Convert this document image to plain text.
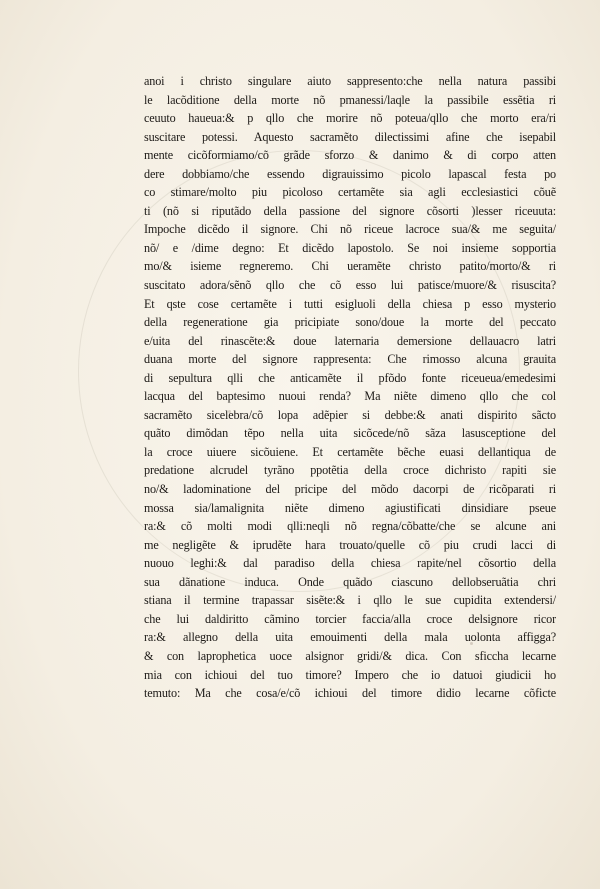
anoi i christo singulare aiuto sappresento:che nella natura passibi
le lacõditione della morte nõ pmanessi/laqle la passibile essẽtia ri
ceuuto haueua:& p qllo che morire nõ poteua/qllo che morto era/ri
suscitare potessi. Aquesto sacramẽto dilectissimi afine che isepabil
mente cicõformiamo/cõ grãde sforzo & danimo & di corpo atten
dere dobbiamo/che essendo digrauissimo picolo lapascal festa po
co stimare/molto piu picoloso certamẽte sia agli ecclesiastici cõuẽ
ti (nõ si riputãdo della passione del signore cõsorti )lesser riceuuta:
Impoche dicẽdo il signore. Chi nõ riceue lacroce sua/& me seguita/
nõ/ e /dime degno: Et dicẽdo lapostolo. Se noi insieme sopportia
mo/& isieme regneremo. Chi ueramẽte christo patito/morto/& ri
suscitato adora/sẽnõ qllo che cõ esso lui patisce/muore/& risuscita?
Et qste cose certamẽte i tutti esigluoli della chiesa p esso mysterio
della regeneratione gia pricipiate sono/doue la morte del peccato
e/uita del rinascẽte:& doue laternaria demersione dellauacro latri
duana morte del signore rappresenta: Che rimosso alcuna grauita
di sepultura qlli che anticamẽte il pfõdo fonte riceueua/emedesimi
lacqua del baptesimo nuoui renda? Ma niẽte dimeno qllo che col
sacramẽto sicelebra/cõ lopa adẽpier si debbe:& anati dispirito sãcto
quãto dimõdan tẽpo nella uita sicõcede/nõ sãza lasusceptione del
la croce uiuere sicõuiene. Et certamẽte bẽche euasi dellantiqua de
predatione alcrudel tyrãno ppotẽtia della croce dichristo rapiti sie
no/& ladominatione del pricipe del mõdo dacorpi de ricõparati ri
mossa sia/lamalignita niẽte dimeno agiustificati dinsidiare pseue
ra:& cõ molti modi qlli:neqli nõ regna/cõbatte/che se alcune ani
me negligẽte & iprudẽte hara trouato/quelle cõ piu crudi lacci di
nuouo leghi:& dal paradiso della chiesa rapite/nel cõsortio della
sua dãnatione induca. Onde quãdo ciascuno dellobseruãtia chri
stiana il termine trapassar sisẽte:& i qllo le sue cupidita extendersi/
che lui daldiritto cãmino torcier faccia/alla croce delsignore ricor
ra:& allegno della uita emouimenti della mala uolonta affigga?
& con laprophetica uoce alsignor gridi/& dica. Con sficcha lecarne
mia con ichioui del tuo timore? Impero che io datuoi giudicii ho
temuto: Ma che cosa/e/cõ ichioui del timore didio lecarne cõficte
